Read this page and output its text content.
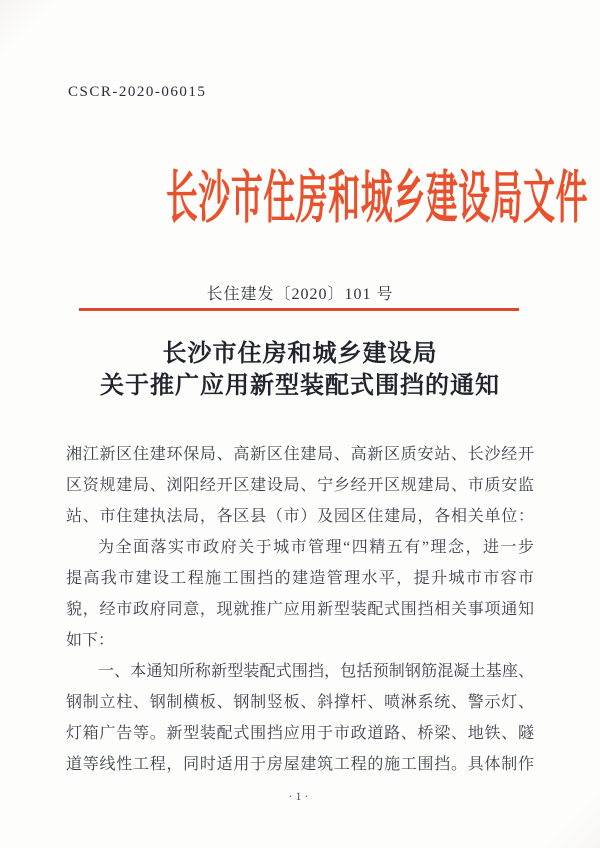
CSCR-2020-06015
长沙市住房和城乡建设局文件
长住建发〔2020〕101 号
长沙市住房和城乡建设局
关于推广应用新型装配式围挡的通知
湘江新区住建环保局、高新区住建局、高新区质安站、长沙经开
区资规建局、浏阳经开区建设局、宁乡经开区规建局、市质安监
站、市住建执法局，各区县（市）及园区住建局，各相关单位：
为全面落实市政府关于城市管理“四精五有”理念，进一步
提高我市建设工程施工围挡的建造管理水平，提升城市市容市
貌，经市政府同意，现就推广应用新型装配式围挡相关事项通知
如下：
一、本通知所称新型装配式围挡，包括预制钢筋混凝土基座、
钢制立柱、钢制横板、钢制竖板、斜撑杆、喷淋系统、警示灯、
灯箱广告等。新型装配式围挡应用于市政道路、桥梁、地铁、隧
道等线性工程，同时适用于房屋建筑工程的施工围挡。具体制作
·1·
